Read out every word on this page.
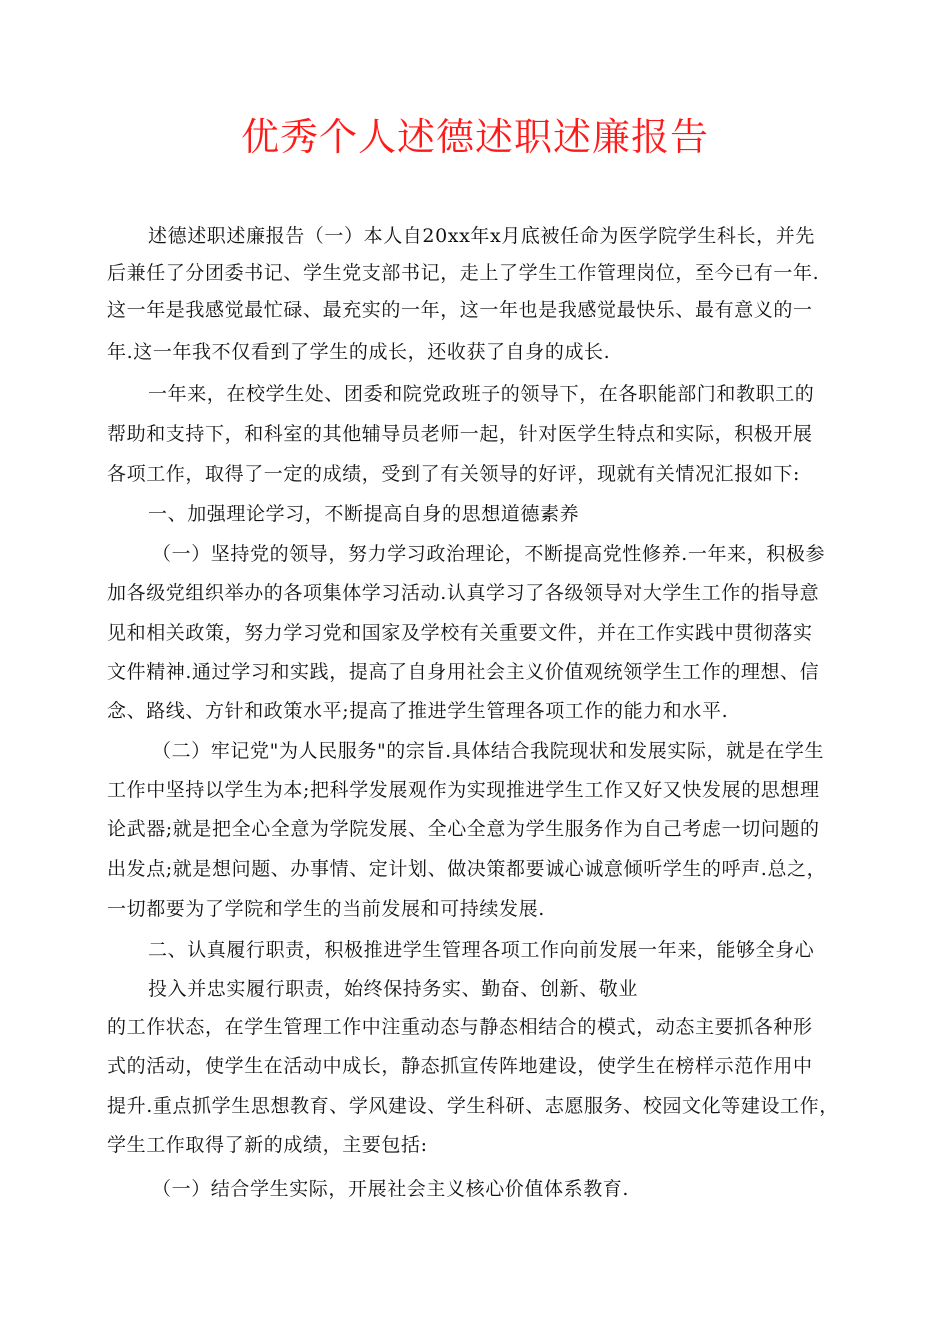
优秀个人述德述职述廉报告
述德述职述廉报告（一）本人自20xx年x月底被任命为医学院学生科长，并先
后兼任了分团委书记、学生党支部书记，走上了学生工作管理岗位，至今已有一年.
这一年是我感觉最忙碌、最充实的一年，这一年也是我感觉最快乐、最有意义的一
年.这一年我不仅看到了学生的成长，还收获了自身的成长.
一年来，在校学生处、团委和院党政班子的领导下，在各职能部门和教职工的
帮助和支持下，和科室的其他辅导员老师一起，针对医学生特点和实际，积极开展
各项工作，取得了一定的成绩，受到了有关领导的好评，现就有关情况汇报如下:
一、加强理论学习，不断提高自身的思想道德素养
（一）坚持党的领导，努力学习政治理论，不断提高党性修养.一年来，积极参
加各级党组织举办的各项集体学习活动.认真学习了各级领导对大学生工作的指导意
见和相关政策，努力学习党和国家及学校有关重要文件，并在工作实践中贯彻落实
文件精神.通过学习和实践，提高了自身用社会主义价值观统领学生工作的理想、信
念、路线、方针和政策水平;提高了推进学生管理各项工作的能力和水平.
（二）牢记党"为人民服务"的宗旨.具体结合我院现状和发展实际，就是在学生
工作中坚持以学生为本;把科学发展观作为实现推进学生工作又好又快发展的思想理
论武器;就是把全心全意为学院发展、全心全意为学生服务作为自己考虑一切问题的
出发点;就是想问题、办事情、定计划、做决策都要诚心诚意倾听学生的呼声.总之，
一切都要为了学院和学生的当前发展和可持续发展.
二、认真履行职责，积极推进学生管理各项工作向前发展一年来，能够全身心
投入并忠实履行职责，始终保持务实、勤奋、创新、敬业
的工作状态，在学生管理工作中注重动态与静态相结合的模式，动态主要抓各种形
式的活动，使学生在活动中成长，静态抓宣传阵地建设，使学生在榜样示范作用中
提升.重点抓学生思想教育、学风建设、学生科研、志愿服务、校园文化等建设工作，
学生工作取得了新的成绩，主要包括:
（一）结合学生实际，开展社会主义核心价值体系教育.
